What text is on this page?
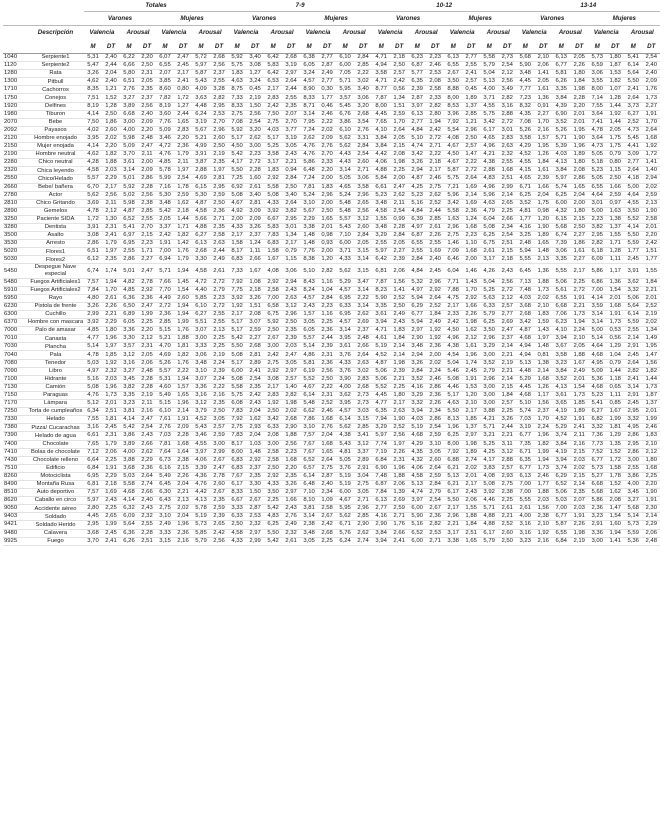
		Totales								7-9								10-12								13-14							
		Varones				Mujeres				Varones				Mujeres				Varones				Mujeres				Varones				Mujeres			
	Descripción	Valencia		Arousal		Valencia		Arousal		Valencia		Arousal		Valencia		Arousal		Valencia		Arousal		Valencia		Arousal		Valencia		Arousal		Valencia		Arousal	
		M	DT	M	DT	M	DT	M	DT	M	DT	M	DT	M	DT	M	DT	M	DT	M	DT	M	DT	M	DT	M	DT	M	DT	M	DT	M	DT
1040	Serpiente1	5,31	2,40	6,22	2,20	6,07	2,47	5,72	2,68	5,92	3,40	6,42	2,68	6,38	2,77	6,10	2,84	4,71	2,18	6,23	2,23	6,13	2,77	5,58	2,73	5,68	2,10	6,13	2,05	5,73	1,80	5,41	2,54
1120	Serpiente2	5,47	2,44	6,66	2,50	6,55	2,45	5,97	2,56	5,75	3,08	5,83	3,19	6,05	2,87	6,00	2,85	4,94	2,50	6,87	2,46	6,55	2,55	5,79	2,54	5,90	2,06	6,77	2,26	6,59	1,87	6,14	2,40
1280	Rata	3,26	2,04	5,80	2,31	2,07	2,17	5,87	2,37	1,83	1,27	6,42	2,97	3,24	2,49	7,05	2,22	3,58	2,57	5,77	2,53	2,67	2,41	5,04	2,12	3,48	1,41	5,81	1,80	3,06	1,53	5,64	2,40
1300	Pitbull	4,62	2,40	6,51	2,05	3,85	2,41	5,43	2,55	4,63	3,24	6,53	2,64	4,57	2,77	5,71	3,02	4,71	2,42	6,35	2,08	3,50	2,57	5,13	2,56	4,45	2,05	6,26	1,84	3,55	1,82	5,50	2,09
1710	Cachorros	8,35	1,21	2,76	2,35	8,60	0,80	4,09	3,28	8,75	0,45	2,17	2,44	8,90	0,30	5,95	3,40	8,77	0,56	2,39	2,58	8,88	0,45	4,00	3,49	7,77	1,61	3,35	1,98	8,00	1,07	2,41	1,76
1750	Conejos	7,51	1,52	3,27	2,37	7,82	1,72	3,63	2,82	7,33	2,19	2,83	2,55	8,33	1,77	3,57	3,06	7,87	1,34	2,87	2,33	8,00	1,89	3,71	2,82	7,23	1,36	3,84	2,28	7,14	1,28	2,64	1,73
1920	Delfines	8,19	1,28	3,89	2,56	8,19	1,27	4,48	2,95	8,33	1,50	2,42	2,35	8,71	0,46	5,45	3,20	8,00	1,51	3,97	2,82	8,53	1,37	4,55	3,16	8,32	0,91	4,39	2,20	7,55	1,44	3,73	2,27
1980	Tiburon	4,14	2,50	6,68	2,40	3,60	2,44	6,24	2,53	2,75	2,56	7,50	2,07	3,14	2,46	6,76	2,68	4,45	2,59	6,13	2,80	3,96	2,85	5,75	2,88	4,35	2,27	6,90	2,01	3,64	1,92	6,27	1,91
2070	Bebe	7,50	1,86	3,00	2,09	7,76	1,65	3,19	2,70	7,08	2,54	2,75	2,70	7,95	2,22	3,86	3,54	7,65	1,70	2,77	1,94	7,92	1,21	3,42	2,72	7,08	1,70	3,52	2,01	7,41	1,44	2,52	1,70
2092	Payasos	4,02	2,60	4,00	2,20	5,09	2,83	5,67	2,96	5,92	3,20	4,03	3,77	7,24	2,02	6,10	2,76	4,10	2,64	4,84	2,42	5,54	2,96	6,17	3,01	5,26	2,16	5,26	1,95	4,78	2,05	4,73	2,64
2120	Hombre enojado	3,95	2,02	5,98	2,48	3,46	2,20	5,21	2,60	5,17	2,62	5,17	3,19	2,62	2,09	5,62	3,31	3,84	2,05	5,10	2,72	4,08	2,50	4,65	2,83	3,58	1,57	5,71	1,90	3,64	1,75	5,45	1,68
2150	Mujer enojada	4,14	2,20	5,09	2,47	4,72	2,36	4,99	2,50	4,50	3,00	5,25	3,05	4,76	2,76	5,62	2,84	3,84	2,15	4,74	2,71	4,67	2,57	4,96	2,63	4,29	1,95	5,39	1,96	4,73	1,75	4,41	1,92
2190	Hombre neutral	4,62	1,82	3,70	2,11	4,76	1,79	3,91	2,19	5,42	2,23	3,58	2,43	4,76	2,70	4,43	2,54	4,42	2,08	3,42	2,22	4,50	1,47	4,21	2,32	4,52	1,26	4,03	1,89	5,05	0,79	3,09	1,72
2280	Chico neutral	4,28	1,88	3,61	2,00	4,85	2,11	3,87	2,35	4,17	2,72	3,17	2,21	5,86	2,33	4,43	2,60	4,06	1,98	3,26	2,18	4,67	2,22	4,38	2,55	4,55	1,84	4,13	1,80	5,18	0,80	2,77	1,41
2320	Chica leyendo	4,58	2,03	3,14	2,09	5,78	1,97	2,88	1,97	5,50	2,28	1,83	0,94	6,48	2,20	3,14	2,71	4,88	2,25	2,94	2,17	5,87	2,72	2,88	1,68	4,15	1,61	3,84	2,08	5,23	1,15	2,64	1,40
2550	Chico/Helado	5,57	2,29	5,01	2,86	5,99	2,54	4,69	2,81	7,25	1,60	2,92	2,84	7,24	2,00	5,05	3,06	5,84	2,00	4,87	2,46	5,75	2,64	4,83	2,51	4,65	2,39	5,97	2,86	5,05	2,50	4,18	2,94
2660	Bebe/ bañera	6,70	2,17	5,92	2,28	7,16	1,78	6,15	2,95	6,92	2,61	5,58	2,50	7,81	1,83	4,65	3,58	6,61	2,47	4,25	2,75	7,21	1,69	4,96	2,99	6,71	1,66	5,74	1,65	6,55	1,66	5,00	2,02
2780	Actor	5,62	2,56	5,02	2,56	5,30	2,59	5,30	2,59	5,08	3,40	5,08	3,40	5,24	2,96	5,24	2,96	5,23	2,62	5,23	2,62	5,96	2,14	5,96	2,14	6,25	2,04	6,25	2,04	4,64	2,59	4,64	2,59
2810	Chico Gritando	3,69	2,11	5,98	2,38	3,48	1,62	4,87	2,50	4,67	2,81	4,33	2,64	3,10	2,00	5,48	2,65	3,48	2,11	5,16	2,52	3,42	1,69	4,63	2,65	3,52	1,75	6,00	2,00	3,01	0,97	4,55	2,13
2890	Gemelos	4,78	2,12	4,87	2,85	5,42	2,18	4,58	2,36	4,92	3,09	3,92	3,82	5,67	2,50	5,48	2,56	4,58	2,54	4,84	2,44	5,58	2,36	4,79	2,25	4,81	0,98	4,32	1,80	5,00	1,63	3,50	1,90
3250	Paciente SIDA	1,72	1,30	6,52	2,55	2,05	1,44	5,66	2,71	2,00	2,09	6,67	2,95	2,29	1,65	5,57	3,12	1,55	0,99	6,39	2,85	1,63	1,24	6,04	2,66	1,77	1,20	6,15	2,15	2,23	1,38	5,52	2,58
3280	Dentista	3,91	2,31	5,41	2,70	3,37	1,71	4,88	2,35	4,33	3,26	5,83	3,01	3,38	2,01	5,43	2,60	3,48	2,28	4,97	2,61	2,96	1,68	5,08	2,34	4,16	1,90	5,68	2,50	3,82	1,37	4,14	2,01
3500	Asalto	3,08	2,41	6,97	2,15	2,42	1,82	6,27	2,58	2,17	2,37	7,83	1,34	1,48	0,98	7,10	2,84	3,29	2,84	6,87	2,26	2,75	2,23	6,25	2,54	3,25	1,89	6,74	2,27	2,95	1,55	5,50	2,20
3530	Arresto	2,86	1,79	6,95	2,23	1,91	1,42	6,13	2,63	1,58	1,24	6,83	2,17	1,48	0,93	6,00	2,05	2,55	2,05	6,55	2,55	1,46	1,10	6,75	2,51	2,48	1,65	7,39	1,86	2,82	1,71	5,59	2,42
5020	Flores1	6,51	1,97	2,55	1,71	7,00	1,76	2,68	2,44	8,17	1,11	1,58	0,79	7,76	2,00	3,71	3,15	5,97	2,27	2,55	1,69	7,09	1,68	2,61	2,15	5,94	1,48	3,06	1,61	6,18	1,28	1,77	1,51
5030	Flores2	6,12	2,35	2,86	2,27	6,94	1,79	3,30	2,49	6,83	2,66	1,67	1,15	8,38	1,20	4,33	3,14	6,42	2,39	2,84	2,40	6,46	2,00	3,17	2,18	5,55	2,13	3,35	2,27	6,09	1,11	2,45	1,77
5450	Despegue Nave especial	6,74	1,74	5,01	2,47	5,71	1,94	4,58	2,61	7,33	1,67	4,08	3,06	5,10	2,82	5,62	3,15	6,81	2,06	4,84	2,45	6,04	1,46	4,26	2,43	6,45	1,36	5,55	2,17	5,86	1,17	3,91	1,55
5480	Fuegos Artificiales1	7,57	1,94	4,82	2,78	7,66	1,45	4,72	2,72	7,92	1,08	2,92	2,94	8,43	1,16	5,29	3,47	7,87	1,56	5,32	2,96	7,71	1,43	5,04	2,56	7,13	1,88	5,06	2,25	6,86	1,36	3,62	1,84
5910	Fuegos Artificiales2	7,84	1,70	4,85	2,92	7,70	1,54	4,40	2,79	7,75	2,18	2,58	2,43	8,24	1,04	4,57	3,14	8,23	1,41	4,97	2,92	7,88	1,70	5,25	2,72	7,48	1,73	5,61	2,72	7,00	1,54	3,32	2,21
5950	Rayo	4,80	2,61	6,36	2,36	4,49	2,60	5,85	2,23	3,92	3,26	7,00	2,63	4,57	2,84	6,95	2,22	5,90	2,52	5,94	2,64	4,75	2,92	5,63	2,12	4,03	2,02	6,55	1,91	4,14	2,01	5,06	2,01
6230	Pistola de frente	3,26	2,26	6,50	2,47	2,72	1,94	6,10	2,72	1,92	1,51	6,58	3,12	2,43	2,23	6,33	3,14	3,35	2,50	6,29	2,52	2,17	1,66	6,33	2,57	3,68	2,10	6,68	2,21	3,59	1,68	5,64	2,52
6300	Cuchillo	2,99	2,21	6,89	1,99	2,36	1,94	6,27	2,55	2,17	2,08	6,75	2,96	1,57	1,16	6,95	2,62	3,61	2,49	6,77	1,84	2,33	2,26	5,79	2,77	2,68	1,83	7,06	1,73	3,14	1,91	6,14	2,19
6370	Hombre con mascara	3,92	2,29	6,05	2,25	2,85	1,99	5,51	2,55	5,17	3,07	5,92	2,50	3,05	2,25	4,57	2,69	3,94	2,43	5,94	2,49	2,42	1,98	6,25	2,69	3,42	1,59	6,23	1,94	3,14	1,73	5,59	2,02
7000	Palo de amasar	4,85	1,80	3,36	2,20	5,15	1,76	3,07	2,13	5,17	2,59	2,50	2,35	6,05	2,36	3,14	2,37	4,71	1,83	2,97	1,92	4,50	1,62	3,50	2,47	4,87	1,43	4,10	2,24	5,00	0,53	2,55	1,34
7010	Canasta	4,77	1,96	3,30	2,12	5,21	1,88	3,00	2,25	5,42	2,27	2,67	2,39	5,57	2,44	3,95	2,48	4,61	1,84	2,90	1,92	4,96	2,12	2,96	2,37	4,68	1,97	3,94	2,10	5,14	0,56	2,14	1,49
7030	Plancha	5,14	1,97	3,57	2,31	4,70	1,81	3,33	2,25	5,50	2,68	3,00	2,03	5,14	2,39	3,61	2,66	5,19	2,14	3,48	2,36	4,38	1,61	3,29	2,14	4,94	1,48	3,67	2,05	4,64	1,29	2,91	1,95
7040	Pala	4,78	1,85	3,12	2,05	4,69	1,82	3,06	2,19	5,08	2,81	2,42	2,47	4,86	2,31	3,76	2,64	4,52	2,14	2,94	2,00	4,54	1,96	3,00	2,21	4,94	0,81	3,58	1,88	4,68	1,04	2,45	1,47
7080	Tenedor	5,03	1,92	3,16	2,06	5,26	1,76	3,48	2,24	5,17	2,89	2,75	3,05	5,81	2,36	4,33	2,63	4,87	1,98	3,26	2,02	5,04	1,74	3,52	2,19	5,13	1,38	3,23	1,67	4,95	0,79	2,64	1,56
7090	Libro	4,97	2,32	3,27	2,48	5,57	2,22	3,10	2,39	6,00	2,41	2,92	2,97	6,19	2,56	3,76	3,02	5,06	2,39	2,84	2,24	5,46	2,45	2,79	2,21	4,48	2,14	3,84	2,49	5,09	1,44	2,82	1,82
7100	Hidrante	5,16	2,03	3,45	2,28	5,31	1,94	3,07	2,24	5,08	2,54	3,08	2,57	5,52	2,50	3,90	2,83	5,06	2,21	3,52	2,46	5,08	1,91	2,96	2,14	5,29	1,68	3,52	2,01	5,36	1,18	2,41	1,44
7130	Camión	5,08	1,96	3,82	2,28	4,60	1,57	3,36	2,22	5,58	2,35	2,17	1,40	4,67	2,22	4,00	2,68	5,52	2,25	4,16	2,86	4,46	1,53	3,00	2,15	4,45	1,26	4,13	1,54	4,68	0,65	3,14	1,73
7150	Paraguas	4,76	1,73	3,35	2,19	5,49	1,65	3,16	2,16	5,75	2,42	2,83	2,82	6,14	2,31	3,62	2,73	4,45	1,80	3,29	2,36	5,17	1,20	3,00	1,84	4,68	1,17	3,61	1,73	5,23	1,11	2,91	1,87
7170	Lámpara	5,12	2,01	3,23	2,11	5,15	1,96	3,12	2,35	6,08	2,43	1,92	1,98	5,48	2,52	3,95	2,73	4,77	2,17	3,32	2,26	4,63	2,10	3,00	2,57	5,10	1,56	3,65	1,85	5,41	0,85	2,45	1,37
7250	Torta de cumpleaños	6,34	2,51	3,81	2,16	6,10	2,14	3,79	2,50	7,83	2,04	2,50	2,02	6,62	2,46	4,57	3,03	6,35	2,63	3,94	2,34	5,50	2,17	3,88	2,25	5,74	2,37	4,19	1,89	6,27	1,67	2,95	2,01
7330	Helado	7,55	1,81	4,14	2,47	7,61	1,91	4,52	3,05	7,92	1,62	3,42	2,68	7,86	1,68	6,14	3,15	7,94	1,90	4,03	2,86	8,13	1,85	4,21	3,26	7,03	1,70	4,52	1,91	6,82	1,99	3,32	1,99
7380	Pizza/ Cucarachas	3,16	2,45	5,42	2,54	2,76	2,09	5,43	2,57	2,75	2,93	6,33	2,90	3,10	2,76	5,62	2,85	3,29	2,52	5,19	2,54	1,96	1,37	5,71	2,44	3,19	2,24	5,29	2,41	3,32	1,81	4,95	2,46
7390	Helado de agua	6,61	2,31	3,86	2,43	7,03	2,28	3,46	2,59	7,83	2,04	2,08	1,88	7,57	2,04	4,38	3,41	5,97	2,56	4,68	2,59	6,25	2,97	3,21	2,21	6,77	1,96	3,74	2,11	7,36	1,29	2,86	1,83
7400	Chocolate	7,65	1,79	3,89	2,66	7,81	1,68	4,55	3,00	8,17	1,03	3,00	2,56	7,67	1,68	5,43	3,12	7,74	1,97	4,29	3,10	8,00	1,98	5,25	3,11	7,35	1,82	3,84	2,16	7,73	1,35	2,95	2,10
7410	Bolas de chocolate	7,12	2,06	4,00	2,62	7,64	1,64	3,97	2,99	8,00	1,48	2,58	2,23	7,67	1,65	4,81	3,37	7,19	2,26	4,35	3,05	7,92	1,89	4,25	3,12	6,71	1,99	4,19	2,15	7,52	1,52	2,86	2,12
7430	Chocolate relleno	6,64	2,25	3,88	2,29	6,73	2,38	4,06	2,67	6,83	2,92	2,58	1,68	6,52	2,64	5,05	2,89	6,84	2,31	4,32	2,60	6,88	2,74	4,17	2,88	6,35	1,94	3,94	2,03	6,77	1,72	3,00	1,80
7510	Edificio	6,84	1,91	3,68	2,36	6,16	2,15	3,39	2,47	6,83	2,37	2,50	2,20	6,57	2,75	3,76	2,91	6,90	1,96	4,06	2,64	6,21	2,02	3,83	2,57	6,77	1,73	3,74	2,02	5,73	1,58	2,55	1,68
8260	Motociclista	6,95	2,29	5,03	2,64	5,49	2,26	4,36	2,78	7,67	2,35	2,92	2,35	6,14	2,87	5,19	3,04	7,48	1,88	4,58	2,59	5,13	2,01	4,08	2,93	6,13	2,46	6,29	2,15	5,27	1,78	3,86	2,25
8490	Montaña Rusa	6,81	2,18	5,58	2,74	6,45	2,04	4,76	2,60	6,17	3,30	4,33	3,26	6,48	2,40	5,19	2,75	6,87	2,06	5,13	2,84	6,21	2,17	5,08	2,75	7,00	1,77	6,52	2,14	6,68	1,52	4,00	2,20
8510	Auto deportivo	7,57	1,69	4,68	2,66	6,30	2,21	4,42	2,67	8,33	1,50	3,50	2,97	7,10	2,34	6,00	3,05	7,84	1,39	4,74	2,79	6,17	2,43	3,92	2,38	7,00	1,88	5,06	2,35	5,68	1,62	3,45	1,90
8620	Caballo en circo	5,97	2,43	4,14	2,40	6,43	2,13	4,13	2,35	6,67	2,67	2,25	1,66	8,10	1,09	4,67	2,71	6,13	2,69	3,97	2,54	5,50	2,06	4,46	2,25	5,55	2,03	5,03	2,07	5,86	2,08	3,27	1,91
9050	Accidente aéreo	2,80	2,25	6,32	2,43	2,75	2,02	5,78	2,59	3,33	2,87	5,42	2,43	3,81	2,58	5,95	2,96	2,77	2,59	6,00	2,67	2,17	1,55	5,71	2,61	2,61	1,56	7,00	2,03	2,36	1,47	5,68	2,30
9403	Soldado	4,45	2,65	6,09	2,32	3,10	2,04	5,19	2,39	6,33	2,53	4,83	2,76	3,14	2,67	5,62	2,85	4,16	2,71	5,90	2,36	2,96	1,88	4,88	2,21	4,00	2,38	6,77	1,91	3,23	1,54	5,14	2,14
9421	Soldado Herido	2,95	1,99	5,64	2,55	2,49	1,96	5,73	2,65	2,50	2,32	6,25	2,49	2,38	2,42	6,71	2,90	2,90	1,76	5,16	2,82	2,21	1,84	4,88	2,52	3,16	2,10	5,87	2,26	2,91	1,60	5,73	2,29
9480	Calavera	3,68	2,45	6,36	2,28	3,33	2,36	5,85	2,42	4,58	2,97	5,50	2,32	3,48	2,68	5,76	2,62	3,84	2,66	6,52	2,53	3,17	2,51	6,17	2,60	3,16	1,92	6,55	1,98	3,36	1,94	5,59	2,06
9925	Fuego	3,70	2,41	6,26	2,51	3,15	2,16	5,79	2,56	4,33	2,99	5,42	2,61	3,05	2,25	6,24	2,74	3,94	2,41	6,00	2,71	3,38	1,65	5,79	2,50	3,23	2,16	6,84	2,19	3,00	1,41	5,36	2,48
